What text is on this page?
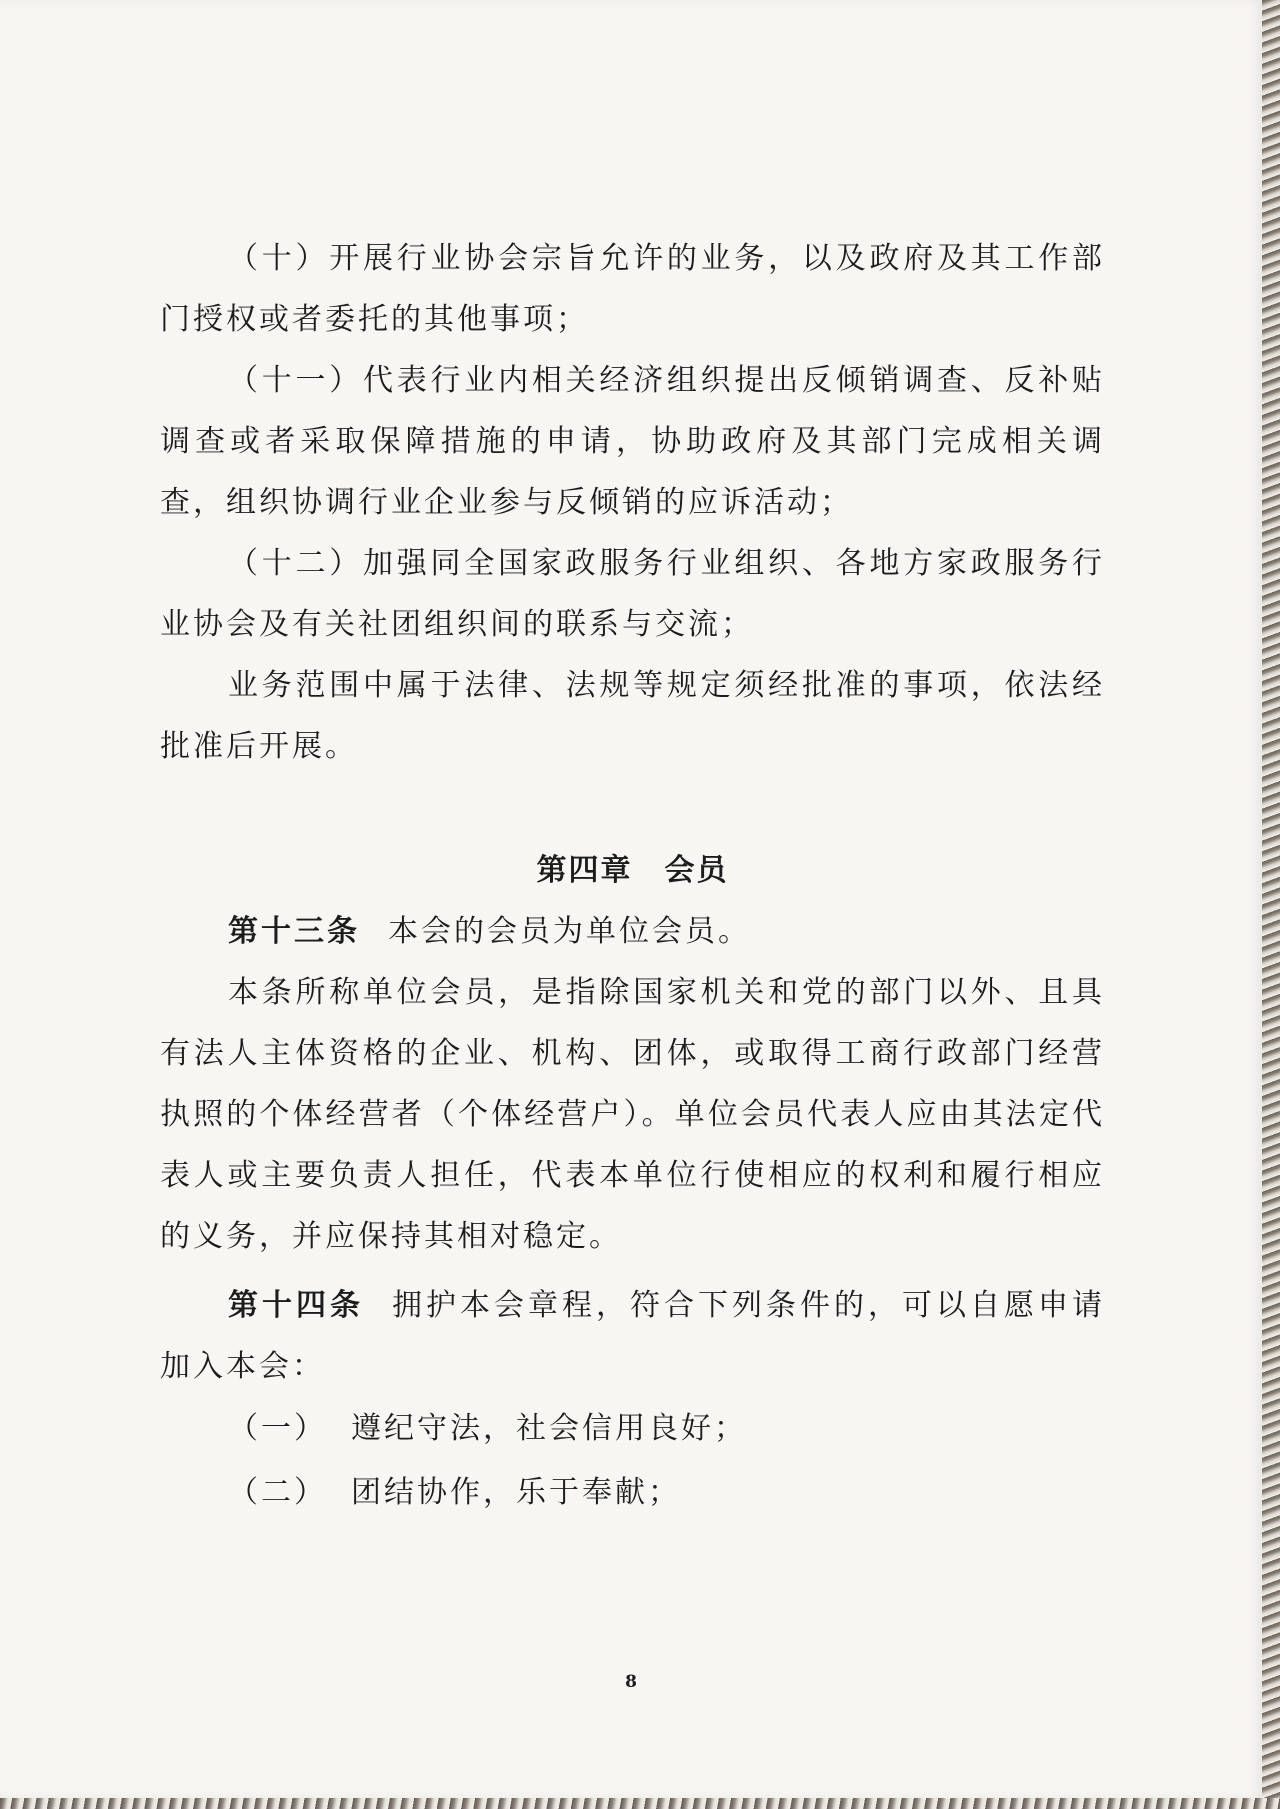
（十）开展行业协会宗旨允许的业务，以及政府及其工作部门授权或者委托的其他事项；

（十一）代表行业内相关经济组织提出反倾销调查、反补贴调查或者采取保障措施的申请，协助政府及其部门完成相关调查，组织协调行业企业参与反倾销的应诉活动；

（十二）加强同全国家政服务行业组织、各地方家政服务行业协会及有关社团组织间的联系与交流；

业务范围中属于法律、法规等规定须经批准的事项，依法经批准后开展。

第四章　会员

第十三条 本会的会员为单位会员。

本条所称单位会员，是指除国家机关和党的部门以外、且具有法人主体资格的企业、机构、团体，或取得工商行政部门经营执照的个体经营者（个体经营户）。单位会员代表人应由其法定代表人或主要负责人担任，代表本单位行使相应的权利和履行相应的义务，并应保持其相对稳定。

第十四条 拥护本会章程，符合下列条件的，可以自愿申请加入本会：

（一） 遵纪守法，社会信用良好；

（二） 团结协作，乐于奉献；

8
